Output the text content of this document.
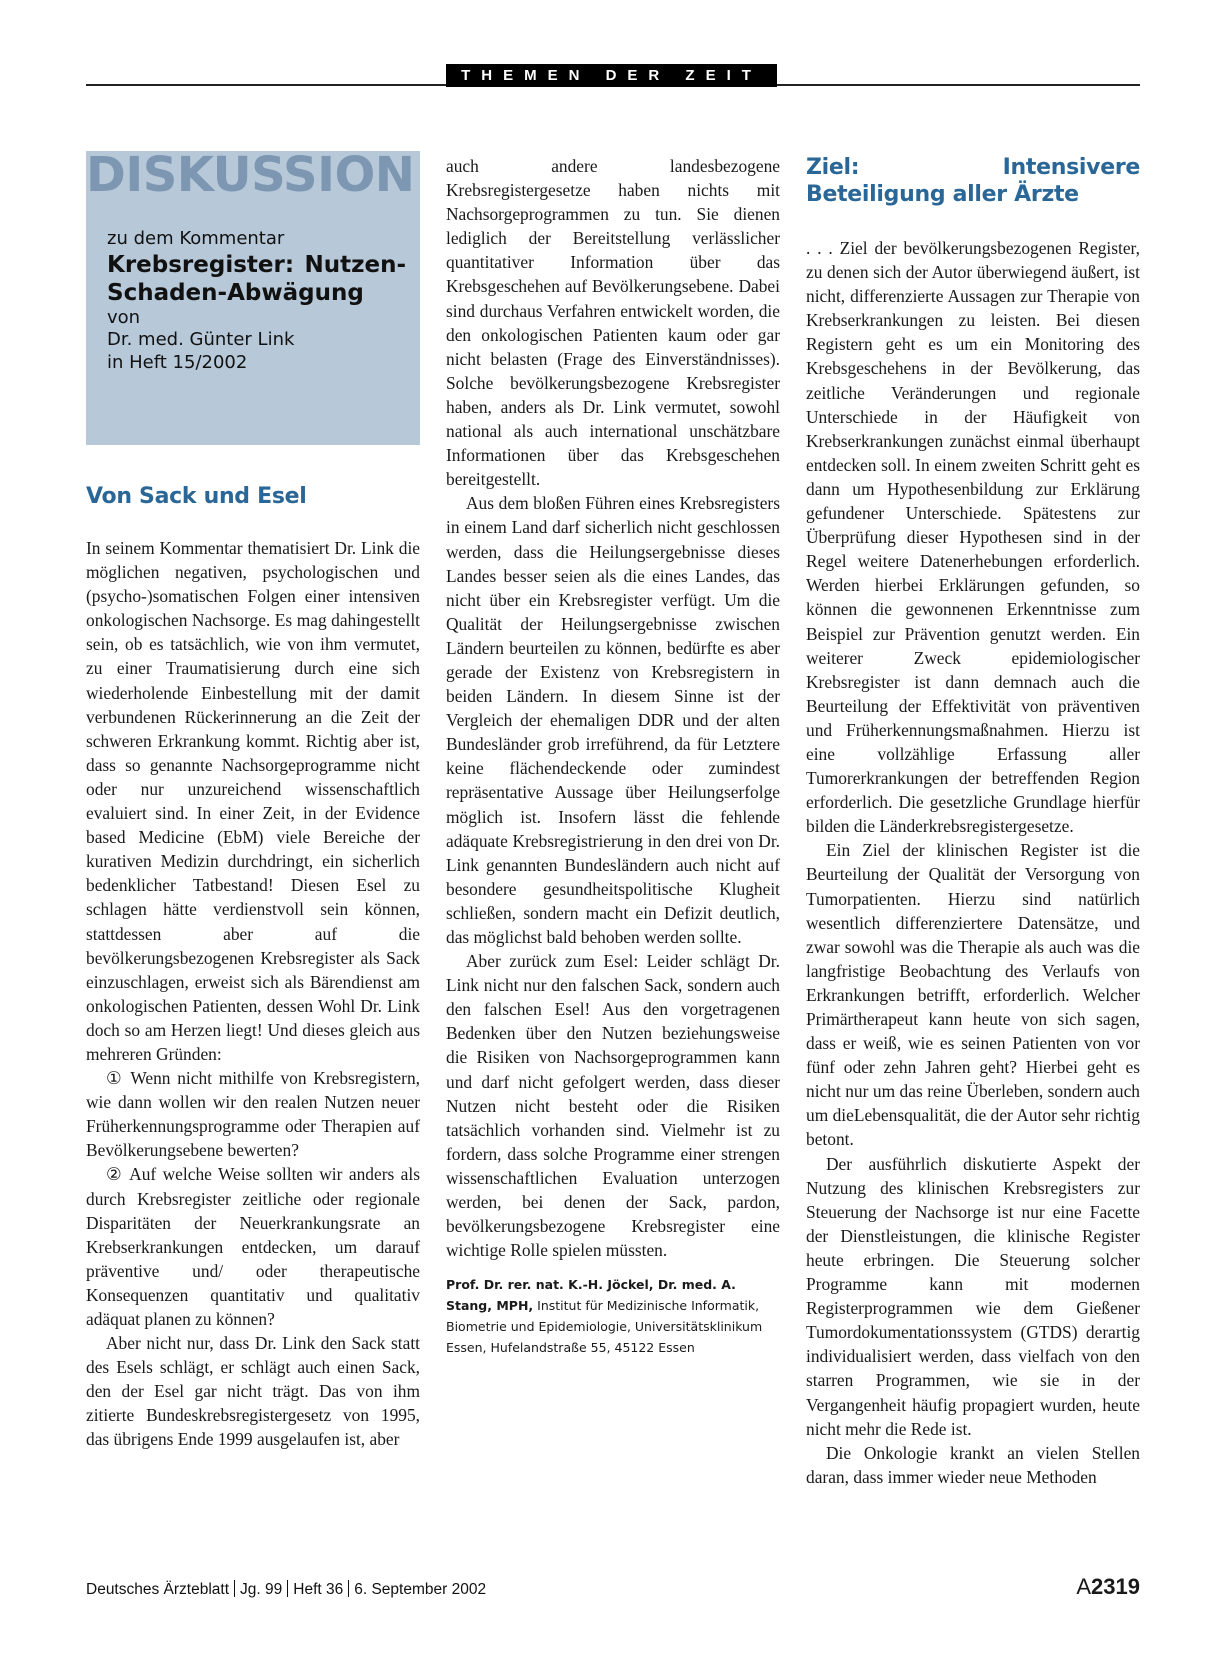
THEMEN DER ZEIT
DISKUSSION

zu dem Kommentar

Krebsregister: Nutzen-Schaden-Abwägung

von

Dr. med. Günter Link

in Heft 15/2002

Von Sack und Esel

In seinem Kommentar thematisiert Dr. Link die möglichen negativen, psychologischen und (psycho-)somatischen Folgen einer intensiven onkologischen Nachsorge. Es mag dahingestellt sein, ob es tatsächlich, wie von ihm vermutet, zu einer Traumatisierung durch eine sich wiederholende Einbestellung mit der damit verbundenen Rückerinnerung an die Zeit der schweren Erkrankung kommt. Richtig aber ist, dass so genannte Nachsorgeprogramme nicht oder nur unzureichend wissenschaftlich evaluiert sind. In einer Zeit, in der Evidence based Medicine (EbM) viele Bereiche der kurativen Medizin durchdringt, ein sicherlich bedenklicher Tatbestand! Diesen Esel zu schlagen hätte verdienstvoll sein können, stattdessen aber auf die bevölkerungsbezogenen Krebsregister als Sack einzuschlagen, erweist sich als Bärendienst am onkologischen Patienten, dessen Wohl Dr. Link doch so am Herzen liegt! Und dieses gleich aus mehreren Gründen:

① Wenn nicht mithilfe von Krebsregistern, wie dann wollen wir den realen Nutzen neuer Früherkennungsprogramme oder Therapien auf Bevölkerungsebene bewerten?

② Auf welche Weise sollten wir anders als durch Krebsregister zeitliche oder regionale Disparitäten der Neuerkrankungsrate an Krebserkrankungen entdecken, um darauf präventive und/ oder therapeutische Konsequenzen quantitativ und qualitativ adäquat planen zu können?

Aber nicht nur, dass Dr. Link den Sack statt des Esels schlägt, er schlägt auch einen Sack, den der Esel gar nicht trägt. Das von ihm zitierte Bundeskrebsregistergesetz von 1995, das übrigens Ende 1999 ausgelaufen ist, aber

auch andere landesbezogene Krebsregistergesetze haben nichts mit Nachsorgeprogrammen zu tun. Sie dienen lediglich der Bereitstellung verlässlicher quantitativer Information über das Krebsgeschehen auf Bevölkerungsebene. Dabei sind durchaus Verfahren entwickelt worden, die den onkologischen Patienten kaum oder gar nicht belasten (Frage des Einverständnisses). Solche bevölkerungsbezogene Krebsregister haben, anders als Dr. Link vermutet, sowohl national als auch international unschätzbare Informationen über das Krebsgeschehen bereitgestellt.

Aus dem bloßen Führen eines Krebsregisters in einem Land darf sicherlich nicht geschlossen werden, dass die Heilungsergebnisse dieses Landes besser seien als die eines Landes, das nicht über ein Krebsregister verfügt. Um die Qualität der Heilungsergebnisse zwischen Ländern beurteilen zu können, bedürfte es aber gerade der Existenz von Krebsregistern in beiden Ländern. In diesem Sinne ist der Vergleich der ehemaligen DDR und der alten Bundesländer grob irreführend, da für Letztere keine flächendeckende oder zumindest repräsentative Aussage über Heilungserfolge möglich ist. Insofern lässt die fehlende adäquate Krebsregistrierung in den drei von Dr. Link genannten Bundesländern auch nicht auf besondere gesundheitspolitische Klugheit schließen, sondern macht ein Defizit deutlich, das möglichst bald behoben werden sollte.

Aber zurück zum Esel: Leider schlägt Dr. Link nicht nur den falschen Sack, sondern auch den falschen Esel! Aus den vorgetragenen Bedenken über den Nutzen beziehungsweise die Risiken von Nachsorgeprogrammen kann und darf nicht gefolgert werden, dass dieser Nutzen nicht besteht oder die Risiken tatsächlich vorhanden sind. Vielmehr ist zu fordern, dass solche Programme einer strengen wissenschaftlichen Evaluation unterzogen werden, bei denen der Sack, pardon, bevölkerungsbezogene Krebsregister eine wichtige Rolle spielen müssten.

Prof. Dr. rer. nat. K.-H. Jöckel, Dr. med. A. Stang, MPH, Institut für Medizinische Informatik, Biometrie und Epidemiologie, Universitätsklinikum Essen, Hufelandstraße 55, 45122 Essen

Ziel: Intensivere Beteiligung aller Ärzte

. . . Ziel der bevölkerungsbezogenen Register, zu denen sich der Autor überwiegend äußert, ist nicht, differenzierte Aussagen zur Therapie von Krebserkrankungen zu leisten. Bei diesen Registern geht es um ein Monitoring des Krebsgeschehens in der Bevölkerung, das zeitliche Veränderungen und regionale Unterschiede in der Häufigkeit von Krebserkrankungen zunächst einmal überhaupt entdecken soll. In einem zweiten Schritt geht es dann um Hypothesenbildung zur Erklärung gefundener Unterschiede. Spätestens zur Überprüfung dieser Hypothesen sind in der Regel weitere Datenerhebungen erforderlich. Werden hierbei Erklärungen gefunden, so können die gewonnenen Erkenntnisse zum Beispiel zur Prävention genutzt werden. Ein weiterer Zweck epidemiologischer Krebsregister ist dann demnach auch die Beurteilung der Effektivität von präventiven und Früherkennungsmaßnahmen. Hierzu ist eine vollzählige Erfassung aller Tumorerkrankungen der betreffenden Region erforderlich. Die gesetzliche Grundlage hierfür bilden die Länderkrebsregistergesetze.

Ein Ziel der klinischen Register ist die Beurteilung der Qualität der Versorgung von Tumorpatienten. Hierzu sind natürlich wesentlich differenziertere Datensätze, und zwar sowohl was die Therapie als auch was die langfristige Beobachtung des Verlaufs von Erkrankungen betrifft, erforderlich. Welcher Primärtherapeut kann heute von sich sagen, dass er weiß, wie es seinen Patienten von vor fünf oder zehn Jahren geht? Hierbei geht es nicht nur um das reine Überleben, sondern auch um dieLebensqualität, die der Autor sehr richtig betont.

Der ausführlich diskutierte Aspekt der Nutzung des klinischen Krebsregisters zur Steuerung der Nachsorge ist nur eine Facette der Dienstleistungen, die klinische Register heute erbringen. Die Steuerung solcher Programme kann mit modernen Registerprogrammen wie dem Gießener Tumordokumentationssystem (GTDS) derartig individualisiert werden, dass vielfach von den starren Programmen, wie sie in der Vergangenheit häufig propagiert wurden, heute nicht mehr die Rede ist.

Die Onkologie krankt an vielen Stellen daran, dass immer wieder neue Methoden

Deutsches Ärzteblatt Jg. 99 Heft 36 6. September 2002	A2319
